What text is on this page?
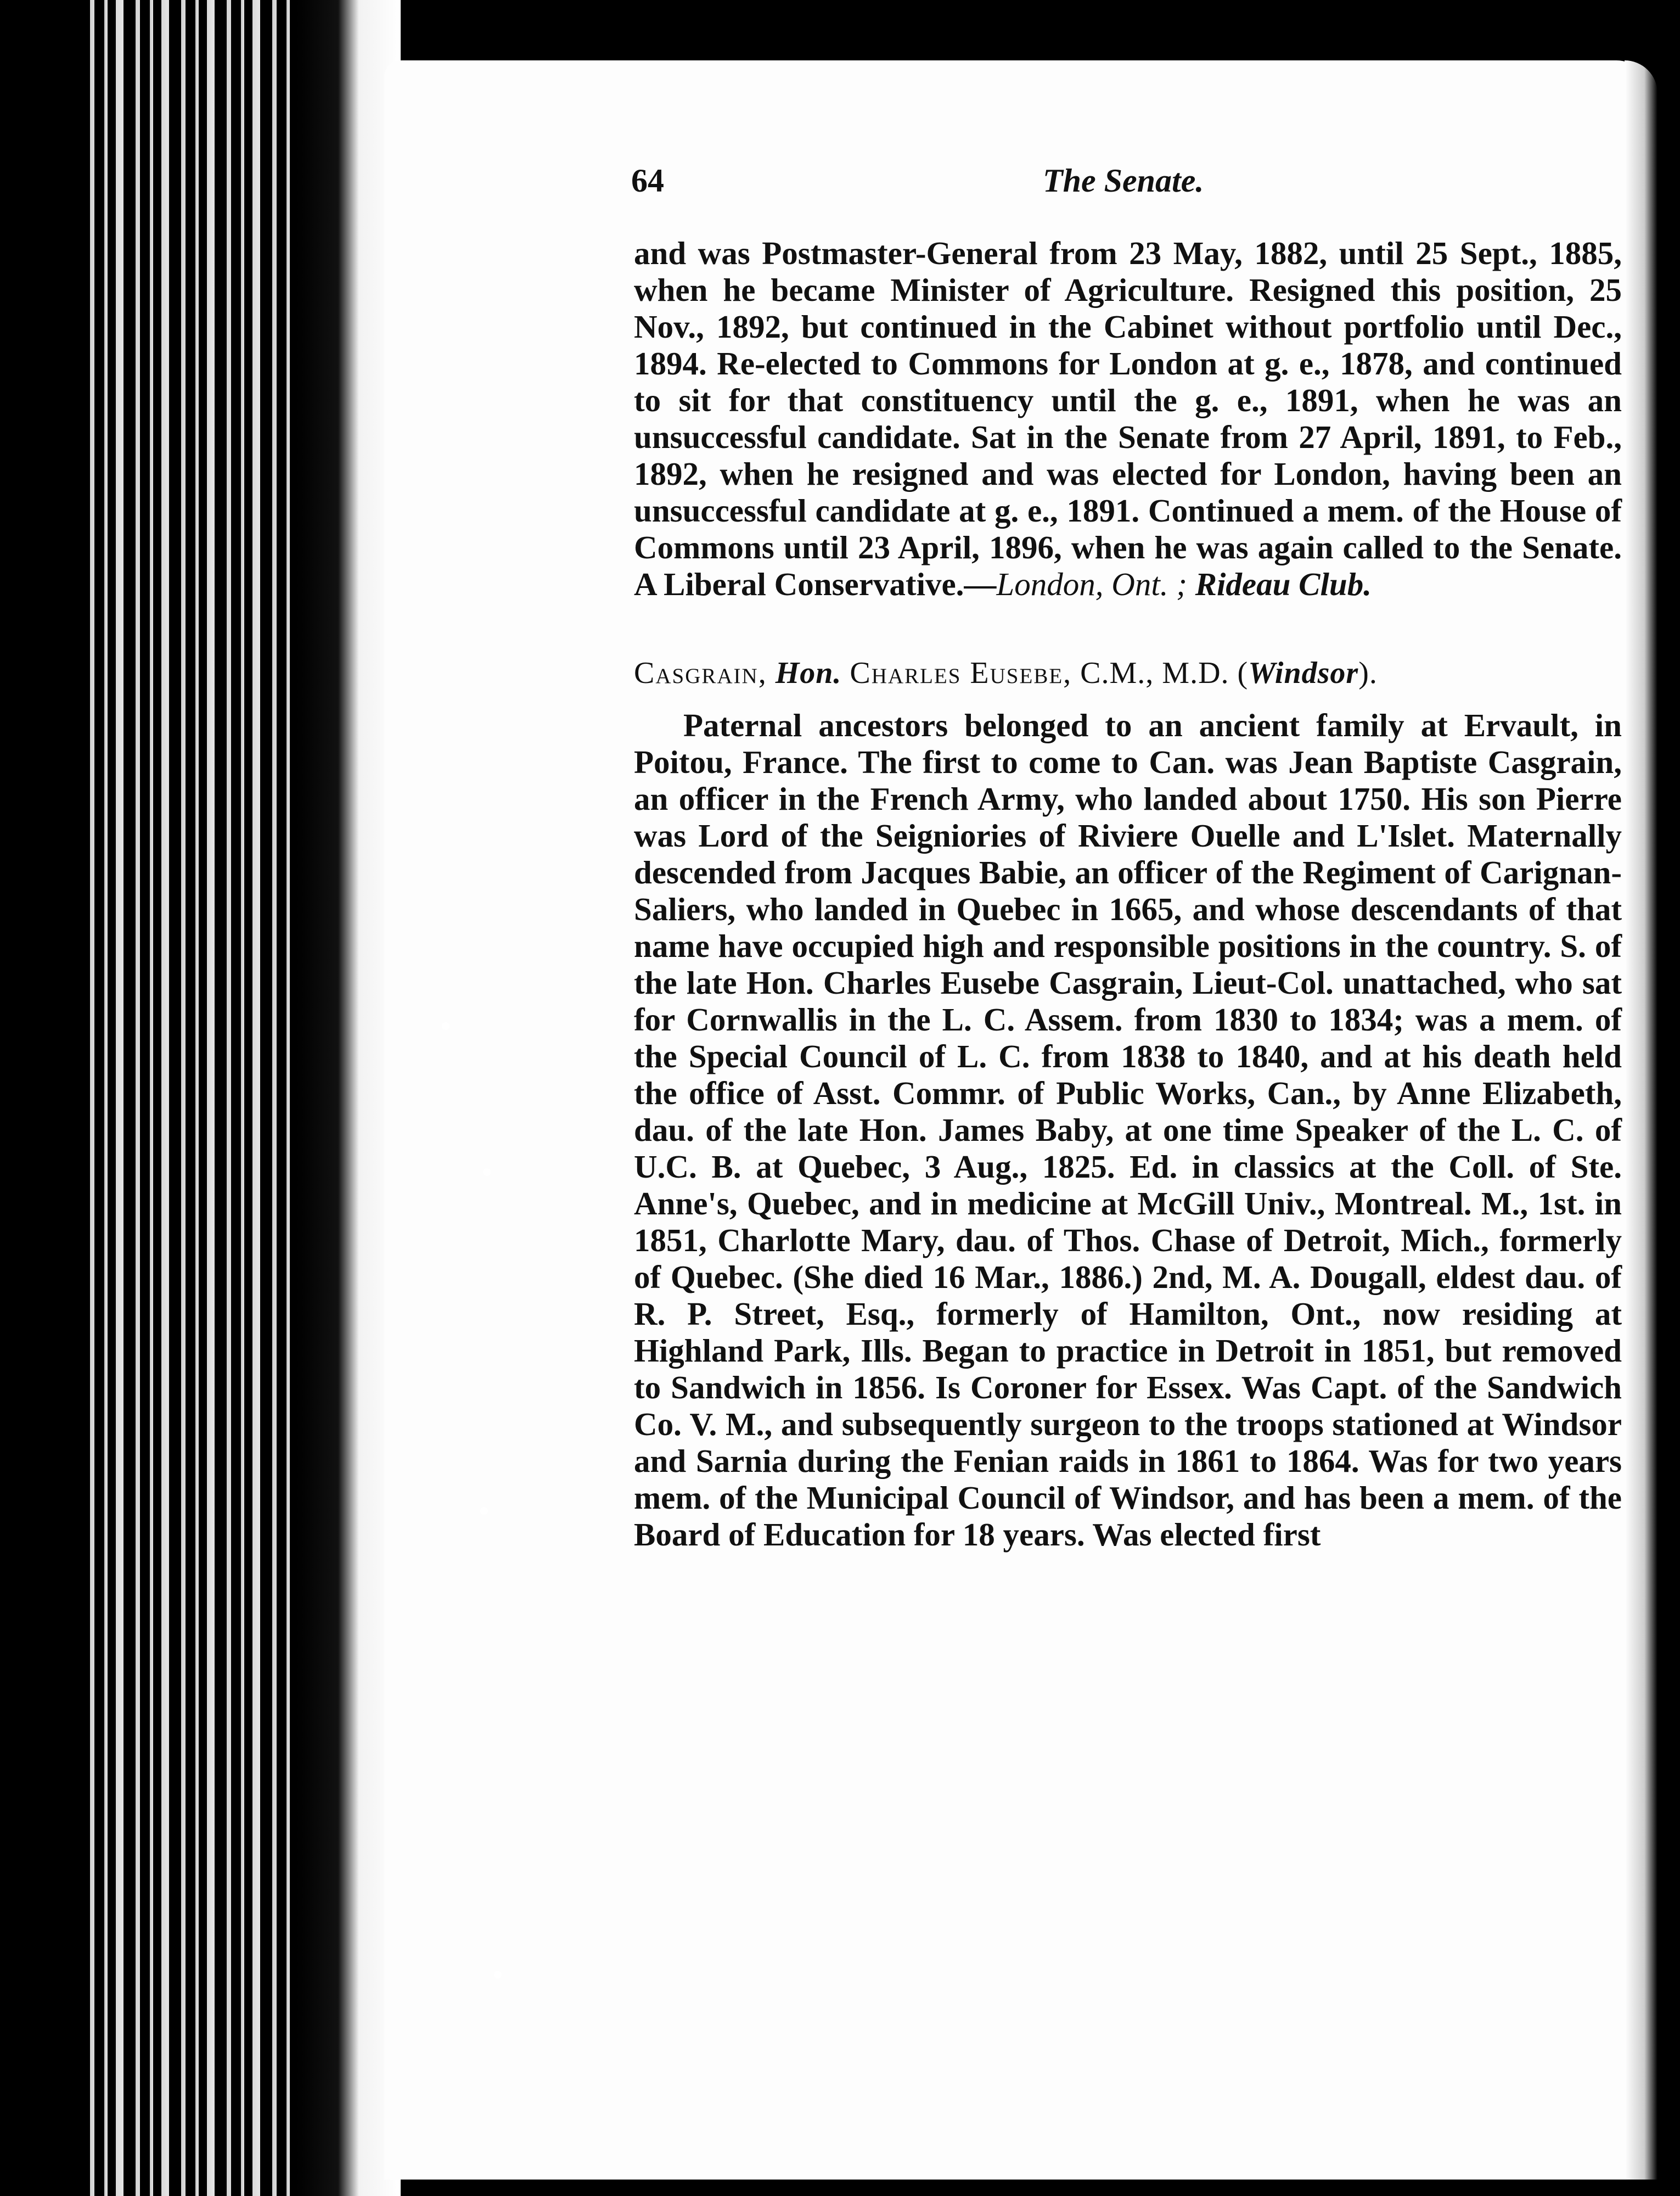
64	The Senate.

and was Postmaster-General from 23 May, 1882, until 25 Sept., 1885, when he became Minister of Agriculture. Resigned this position, 25 Nov., 1892, but continued in the Cabinet without portfolio until Dec., 1894. Re-elected to Commons for London at g. e., 1878, and continued to sit for that constituency until the g. e., 1891, when he was an unsuccessful candidate. Sat in the Senate from 27 April, 1891, to Feb., 1892, when he resigned and was elected for London, having been an unsuccessful candidate at g. e., 1891. Continued a mem. of the House of Commons until 23 April, 1896, when he was again called to the Senate. A Liberal Conservative.—London, Ont. ; Rideau Club.

Casgrain, Hon. Charles Eusebe, C.M., M.D. (Windsor).

Paternal ancestors belonged to an ancient family at Ervault, in Poitou, France. The first to come to Can. was Jean Baptiste Casgrain, an officer in the French Army, who landed about 1750. His son Pierre was Lord of the Seigniories of Riviere Ouelle and L'Islet. Maternally descended from Jacques Babie, an officer of the Regiment of Carignan-Saliers, who landed in Quebec in 1665, and whose descendants of that name have occupied high and responsible positions in the country. S. of the late Hon. Charles Eusebe Casgrain, Lieut-Col. unattached, who sat for Cornwallis in the L. C. Assem. from 1830 to 1834; was a mem. of the Special Council of L. C. from 1838 to 1840, and at his death held the office of Asst. Commr. of Public Works, Can., by Anne Elizabeth, dau. of the late Hon. James Baby, at one time Speaker of the L. C. of U.C. B. at Quebec, 3 Aug., 1825. Ed. in classics at the Coll. of Ste. Anne's, Quebec, and in medicine at McGill Univ., Montreal. M., 1st. in 1851, Charlotte Mary, dau. of Thos. Chase of Detroit, Mich., formerly of Quebec. (She died 16 Mar., 1886.) 2nd, M. A. Dougall, eldest dau. of R. P. Street, Esq., formerly of Hamilton, Ont., now residing at Highland Park, Ills. Began to practice in Detroit in 1851, but removed to Sandwich in 1856. Is Coroner for Essex. Was Capt. of the Sandwich Co. V. M., and subsequently surgeon to the troops stationed at Windsor and Sarnia during the Fenian raids in 1861 to 1864. Was for two years mem. of the Municipal Council of Windsor, and has been a mem. of the Board of Education for 18 years. Was elected first
